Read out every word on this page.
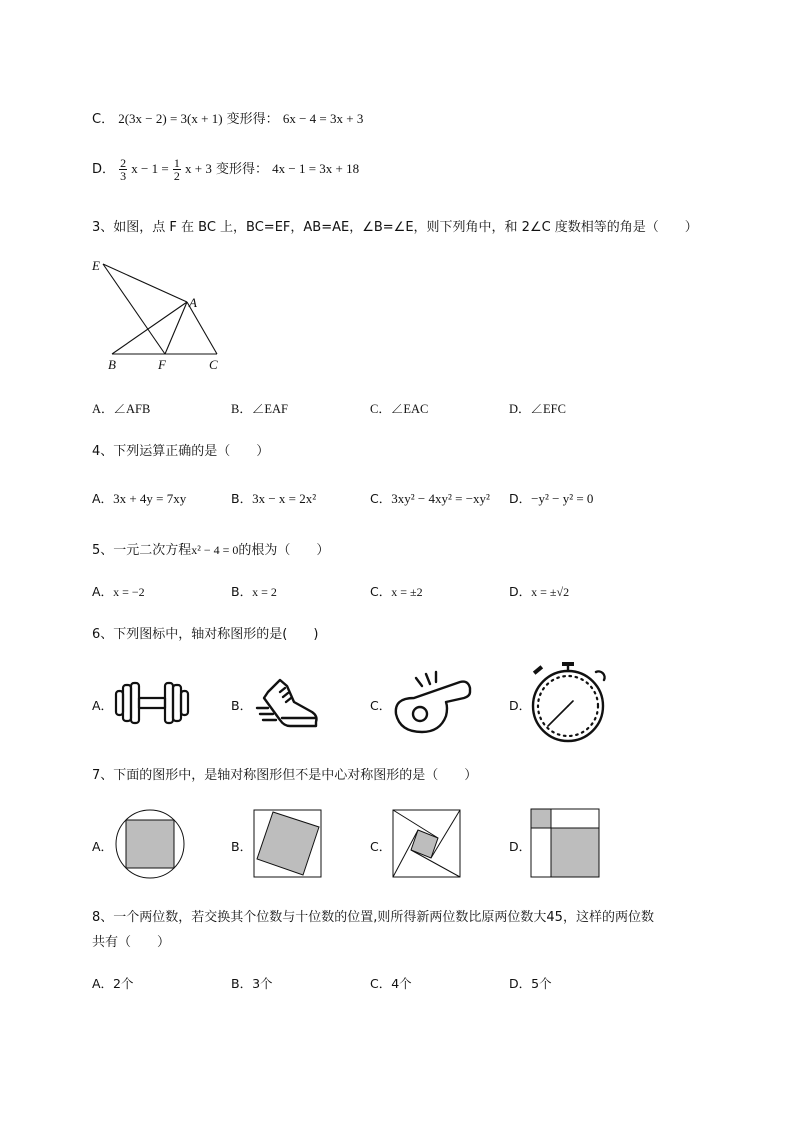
C． 2(3x − 2) = 3(x + 1) 变形得： 6x − 4 = 3x + 3
D． $\frac{2}{3}$ $x - 1 = \frac{1}{2}$ x + 3 变形得： 4x − 1 = 3x + 18
3、如图，点 F 在 BC 上，BC=EF，AB=AE，∠B=∠E，则下列角中，和 2∠C 度数相等的角是（　　）
E
A
B	F	C
A．∠AFB	B．∠EAF	C．∠EAC	D．∠EFC
4、下列运算正确的是（　　）
A．3x + 4y = 7xy	B．3x − x = 2x²	C．3xy² − 4xy² = −xy² D．−y² − y² = 0
5、一元二次方程x² − 4 = 0的根为（　　）
A．x = −2	B．x = 2	C．x = ±2	D．x = ±√2
6、下列图标中，轴对称图形的是(　　)
A．	B．	C．	D．
7、下面的图形中，是轴对称图形但不是中心对称图形的是（　　）
A．	B．	C．	D．
8、一个两位数，若交换其个位数与十位数的位置,则所得新两位数比原两位数大45，这样的两位数
共有（　　）
A．2个	B．3个	C．4个	D．5个
